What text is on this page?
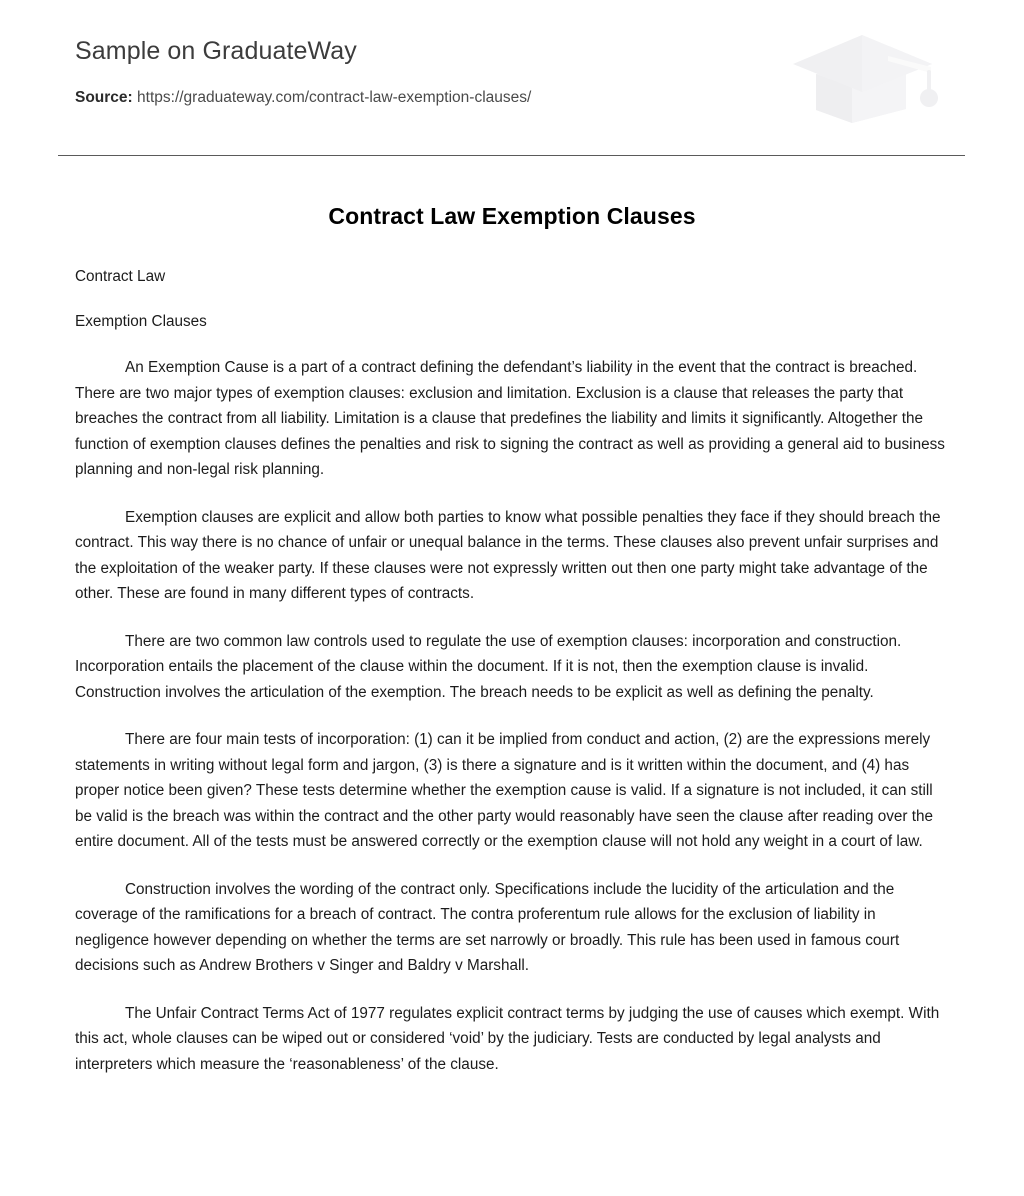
Sample on GraduateWay
Source: https://graduateway.com/contract-law-exemption-clauses/
Contract Law Exemption Clauses

Contract Law

Exemption Clauses

An Exemption Cause is a part of a contract defining the defendant’s liability in the event that the contract is breached. There are two major types of exemption clauses: exclusion and limitation. Exclusion is a clause that releases the party that breaches the contract from all liability. Limitation is a clause that predefines the liability and limits it significantly. Altogether the function of exemption clauses defines the penalties and risk to signing the contract as well as providing a general aid to business planning and non-legal risk planning.

Exemption clauses are explicit and allow both parties to know what possible penalties they face if they should breach the contract. This way there is no chance of unfair or unequal balance in the terms. These clauses also prevent unfair surprises and the exploitation of the weaker party. If these clauses were not expressly written out then one party might take advantage of the other. These are found in many different types of contracts.

There are two common law controls used to regulate the use of exemption clauses: incorporation and construction. Incorporation entails the placement of the clause within the document. If it is not, then the exemption clause is invalid. Construction involves the articulation of the exemption. The breach needs to be explicit as well as defining the penalty.

There are four main tests of incorporation: (1) can it be implied from conduct and action, (2) are the expressions merely statements in writing without legal form and jargon, (3) is there a signature and is it written within the document, and (4) has proper notice been given? These tests determine whether the exemption cause is valid. If a signature is not included, it can still be valid is the breach was within the contract and the other party would reasonably have seen the clause after reading over the entire document. All of the tests must be answered correctly or the exemption clause will not hold any weight in a court of law.

Construction involves the wording of the contract only. Specifications include the lucidity of the articulation and the coverage of the ramifications for a breach of contract. The contra proferentum rule allows for the exclusion of liability in negligence however depending on whether the terms are set narrowly or broadly. This rule has been used in famous court decisions such as Andrew Brothers v Singer and Baldry v Marshall.

The Unfair Contract Terms Act of 1977 regulates explicit contract terms by judging the use of causes which exempt. With this act, whole clauses can be wiped out or considered ‘void’ by the judiciary. Tests are conducted by legal analysts and interpreters which measure the ‘reasonableness’ of the clause.
